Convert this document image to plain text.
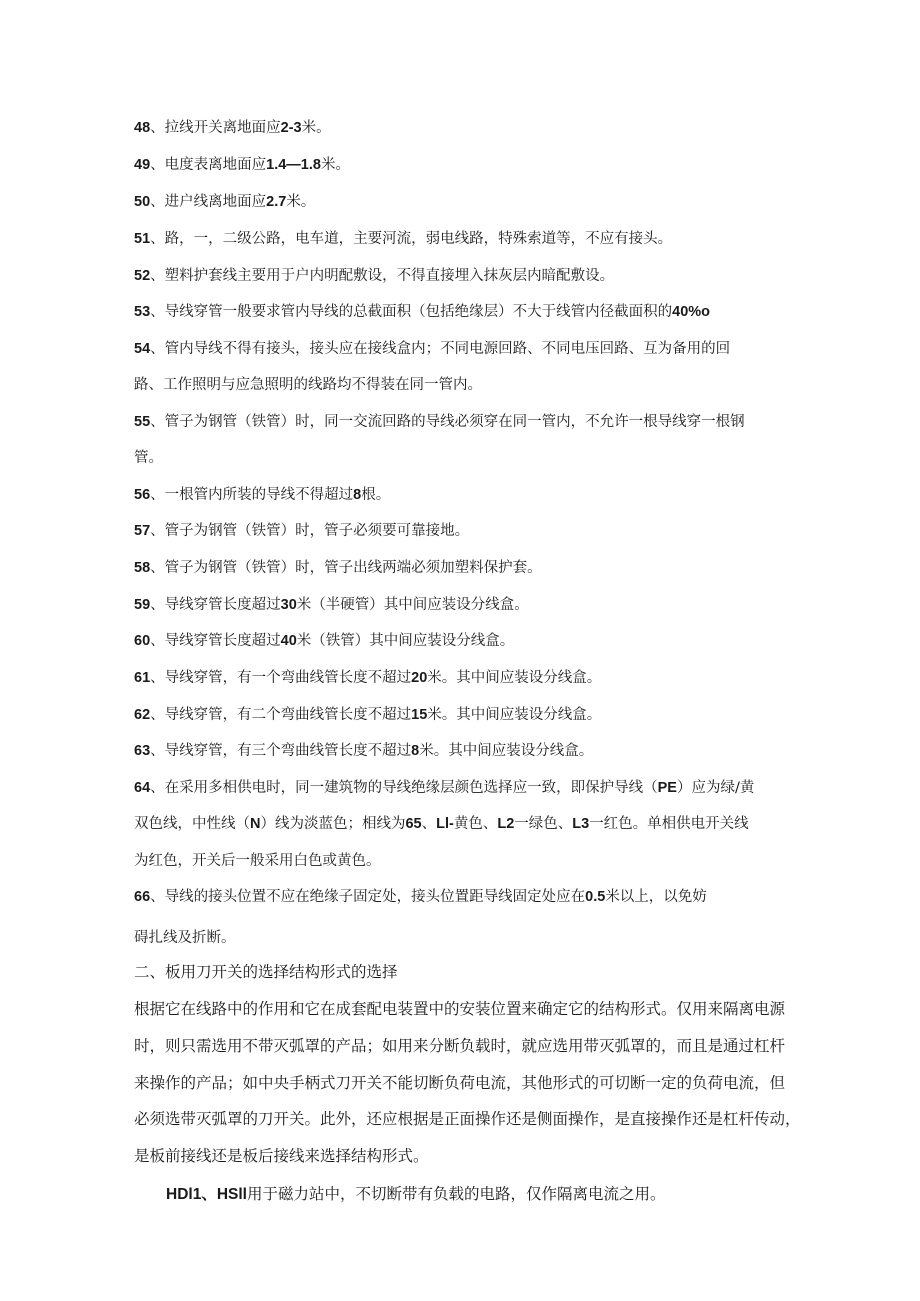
48、拉线开关离地面应2-3米。
49、电度表离地面应1.4—1.8米。
50、进户线离地面应2.7米。
51、路，一，二级公路，电车道，主要河流，弱电线路，特殊索道等，不应有接头。
52、塑料护套线主要用于户内明配敷设，不得直接埋入抹灰层内暗配敷设。
53、导线穿管一般要求管内导线的总截面积（包括绝缘层）不大于线管内径截面积的40%o
54、管内导线不得有接头，接头应在接线盒内；不同电源回路、不同电压回路、互为备用的回
路、工作照明与应急照明的线路均不得装在同一管内。
55、管子为钢管（铁管）时，同一交流回路的导线必须穿在同一管内，不允许一根导线穿一根钢
管。
56、一根管内所装的导线不得超过8根。
57、管子为钢管（铁管）时，管子必须要可靠接地。
58、管子为钢管（铁管）时，管子出线两端必须加塑料保护套。
59、导线穿管长度超过30米（半硬管）其中间应装设分线盒。
60、导线穿管长度超过40米（铁管）其中间应装设分线盒。
61、导线穿管，有一个弯曲线管长度不超过20米。其中间应装设分线盒。
62、导线穿管，有二个弯曲线管长度不超过15米。其中间应装设分线盒。
63、导线穿管，有三个弯曲线管长度不超过8米。其中间应装设分线盒。
64、在采用多相供电时，同一建筑物的导线绝缘层颜色选择应一致，即保护导线（PE）应为绿/黄
双色线，中性线（N）线为淡蓝色；相线为65、Ll-黄色、L2一绿色、L3一红色。单相供电开关线
为红色，开关后一般采用白色或黄色。
66、导线的接头位置不应在绝缘子固定处，接头位置距导线固定处应在0.5米以上，以免妨
碍扎线及折断。
二、板用刀开关的选择结构形式的选择
根据它在线路中的作用和它在成套配电装置中的安装位置来确定它的结构形式。仅用来隔离电源
时，则只需选用不带灭弧罩的产品；如用来分断负载时，就应选用带灭弧罩的，而且是通过杠杆
来操作的产品；如中央手柄式刀开关不能切断负荷电流，其他形式的可切断一定的负荷电流，但
必须选带灭弧罩的刀开关。此外，还应根据是正面操作还是侧面操作，是直接操作还是杠杆传动，
是板前接线还是板后接线来选择结构形式。
HDl1、HSll用于磁力站中，不切断带有负载的电路，仅作隔离电流之用。
